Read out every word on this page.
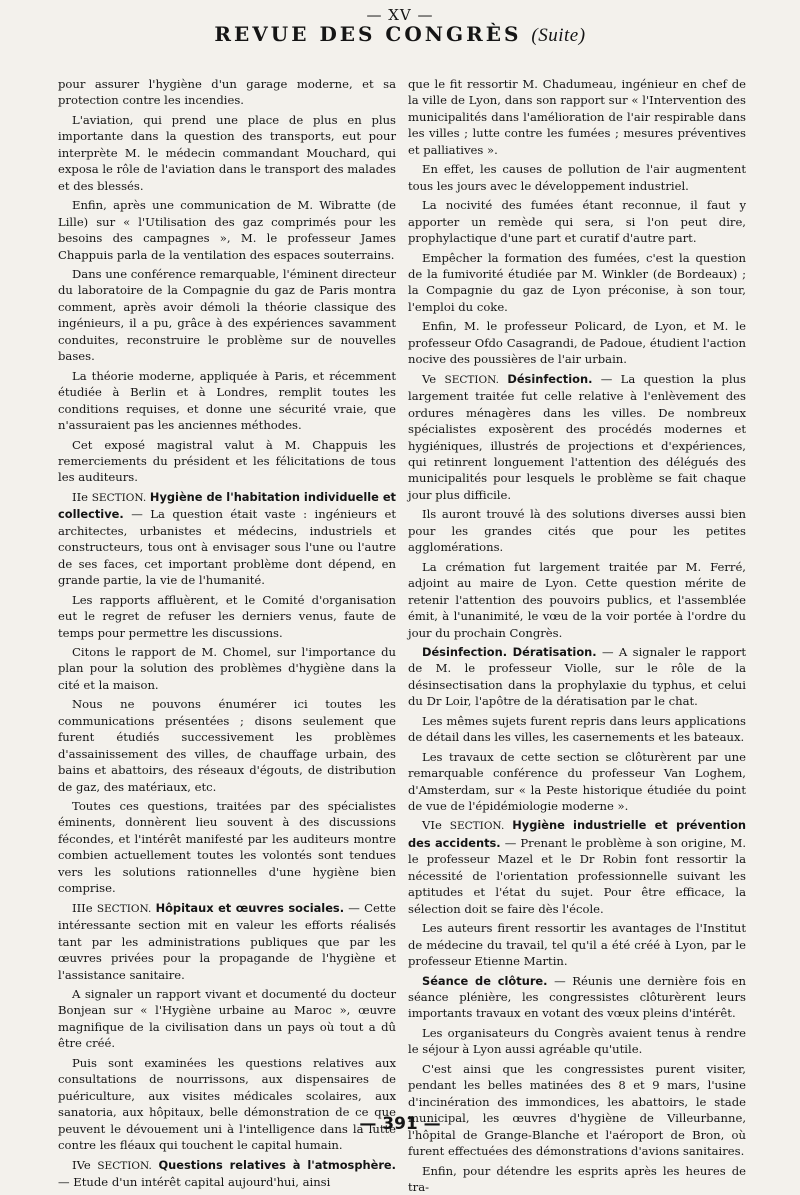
— XV —
REVUE DES CONGRÈS (Suite)

pour assurer l'hygiène d'un garage moderne, et sa protection contre les incendies.

L'aviation, qui prend une place de plus en plus importante dans la question des transports, eut pour interprète M. le médecin commandant Mouchard, qui exposa le rôle de l'aviation dans le transport des malades et des blessés.

Enfin, après une communication de M. Wibratte (de Lille) sur « l'Utilisation des gaz comprimés pour les besoins des campagnes », M. le professeur James Chappuis parla de la ventilation des espaces souterrains.

Dans une conférence remarquable, l'éminent directeur du laboratoire de la Compagnie du gaz de Paris montra comment, après avoir démoli la théorie classique des ingénieurs, il a pu, grâce à des expériences savamment conduites, reconstruire le problème sur de nouvelles bases.

La théorie moderne, appliquée à Paris, et récemment étudiée à Berlin et à Londres, remplit toutes les conditions requises, et donne une sécurité vraie, que n'assuraient pas les anciennes méthodes.

Cet exposé magistral valut à M. Chappuis les remerciements du président et les félicitations de tous les auditeurs.

IIe SECTION. Hygiène de l'habitation individuelle et collective. — La question était vaste : ingénieurs et architectes, urbanistes et médecins, industriels et constructeurs, tous ont à envisager sous l'une ou l'autre de ses faces, cet important problème dont dépend, en grande partie, la vie de l'humanité.

Les rapports affluèrent, et le Comité d'organisation eut le regret de refuser les derniers venus, faute de temps pour permettre les discussions.

Citons le rapport de M. Chomel, sur l'importance du plan pour la solution des problèmes d'hygiène dans la cité et la maison.

Nous ne pouvons énumérer ici toutes les communications présentées ; disons seulement que furent étudiés successivement les problèmes d'assainissement des villes, de chauffage urbain, des bains et abattoirs, des réseaux d'égouts, de distribution de gaz, des matériaux, etc.

Toutes ces questions, traitées par des spécialistes éminents, donnèrent lieu souvent à des discussions fécondes, et l'intérêt manifesté par les auditeurs montre combien actuellement toutes les volontés sont tendues vers les solutions rationnelles d'une hygiène bien comprise.

IIIe SECTION. Hôpitaux et œuvres sociales. — Cette intéressante section mit en valeur les efforts réalisés tant par les administrations publiques que par les œuvres privées pour la propagande de l'hygiène et l'assistance sanitaire.

A signaler un rapport vivant et documenté du docteur Bonjean sur « l'Hygiène urbaine au Maroc », œuvre magnifique de la civilisation dans un pays où tout a dû être créé.

Puis sont examinées les questions relatives aux consultations de nourrissons, aux dispensaires de puériculture, aux visites médicales scolaires, aux sanatoria, aux hôpitaux, belle démonstration de ce que peuvent le dévouement uni à l'intelligence dans la lutte contre les fléaux qui touchent le capital humain.

IVe SECTION. Questions relatives à l'atmosphère. — Etude d'un intérêt capital aujourd'hui, ainsi

que le fit ressortir M. Chadumeau, ingénieur en chef de la ville de Lyon, dans son rapport sur « l'Intervention des municipalités dans l'amélioration de l'air respirable dans les villes ; lutte contre les fumées ; mesures préventives et palliatives ».

En effet, les causes de pollution de l'air augmentent tous les jours avec le développement industriel.

La nocivité des fumées étant reconnue, il faut y apporter un remède qui sera, si l'on peut dire, prophylactique d'une part et curatif d'autre part.

Empêcher la formation des fumées, c'est la question de la fumivorité étudiée par M. Winkler (de Bordeaux) ; la Compagnie du gaz de Lyon préconise, à son tour, l'emploi du coke.

Enfin, M. le professeur Policard, de Lyon, et M. le professeur Ofdo Casagrandi, de Padoue, étudient l'action nocive des poussières de l'air urbain.

Ve SECTION. Désinfection. — La question la plus largement traitée fut celle relative à l'enlèvement des ordures ménagères dans les villes. De nombreux spécialistes exposèrent des procédés modernes et hygiéniques, illustrés de projections et d'expériences, qui retinrent longuement l'attention des délégués des municipalités pour lesquels le problème se fait chaque jour plus difficile.

Ils auront trouvé là des solutions diverses aussi bien pour les grandes cités que pour les petites agglomérations.

La crémation fut largement traitée par M. Ferré, adjoint au maire de Lyon. Cette question mérite de retenir l'attention des pouvoirs publics, et l'assemblée émit, à l'unanimité, le vœu de la voir portée à l'ordre du jour du prochain Congrès.

Désinfection. Dératisation. — A signaler le rapport de M. le professeur Violle, sur le rôle de la désinsectisation dans la prophylaxie du typhus, et celui du Dr Loir, l'apôtre de la dératisation par le chat.

Les mêmes sujets furent repris dans leurs applications de détail dans les villes, les casernements et les bateaux.

Les travaux de cette section se clôturèrent par une remarquable conférence du professeur Van Loghem, d'Amsterdam, sur « la Peste historique étudiée du point de vue de l'épidémiologie moderne ».

VIe SECTION. Hygiène industrielle et prévention des accidents. — Prenant le problème à son origine, M. le professeur Mazel et le Dr Robin font ressortir la nécessité de l'orientation professionnelle suivant les aptitudes et l'état du sujet. Pour être efficace, la sélection doit se faire dès l'école.

Les auteurs firent ressortir les avantages de l'Institut de médecine du travail, tel qu'il a été créé à Lyon, par le professeur Etienne Martin.

Séance de clôture. — Réunis une dernière fois en séance plénière, les congressistes clôturèrent leurs importants travaux en votant des vœux pleins d'intérêt.

Les organisateurs du Congrès avaient tenus à rendre le séjour à Lyon aussi agréable qu'utile.

C'est ainsi que les congressistes purent visiter, pendant les belles matinées des 8 et 9 mars, l'usine d'incinération des immondices, les abattoirs, le stade municipal, les œuvres d'hygiène de Villeurbanne, l'hôpital de Grange-Blanche et l'aéroport de Bron, où furent effectuées des démonstrations d'avions sanitaires.

Enfin, pour détendre les esprits après les heures de tra-

— 391 —
